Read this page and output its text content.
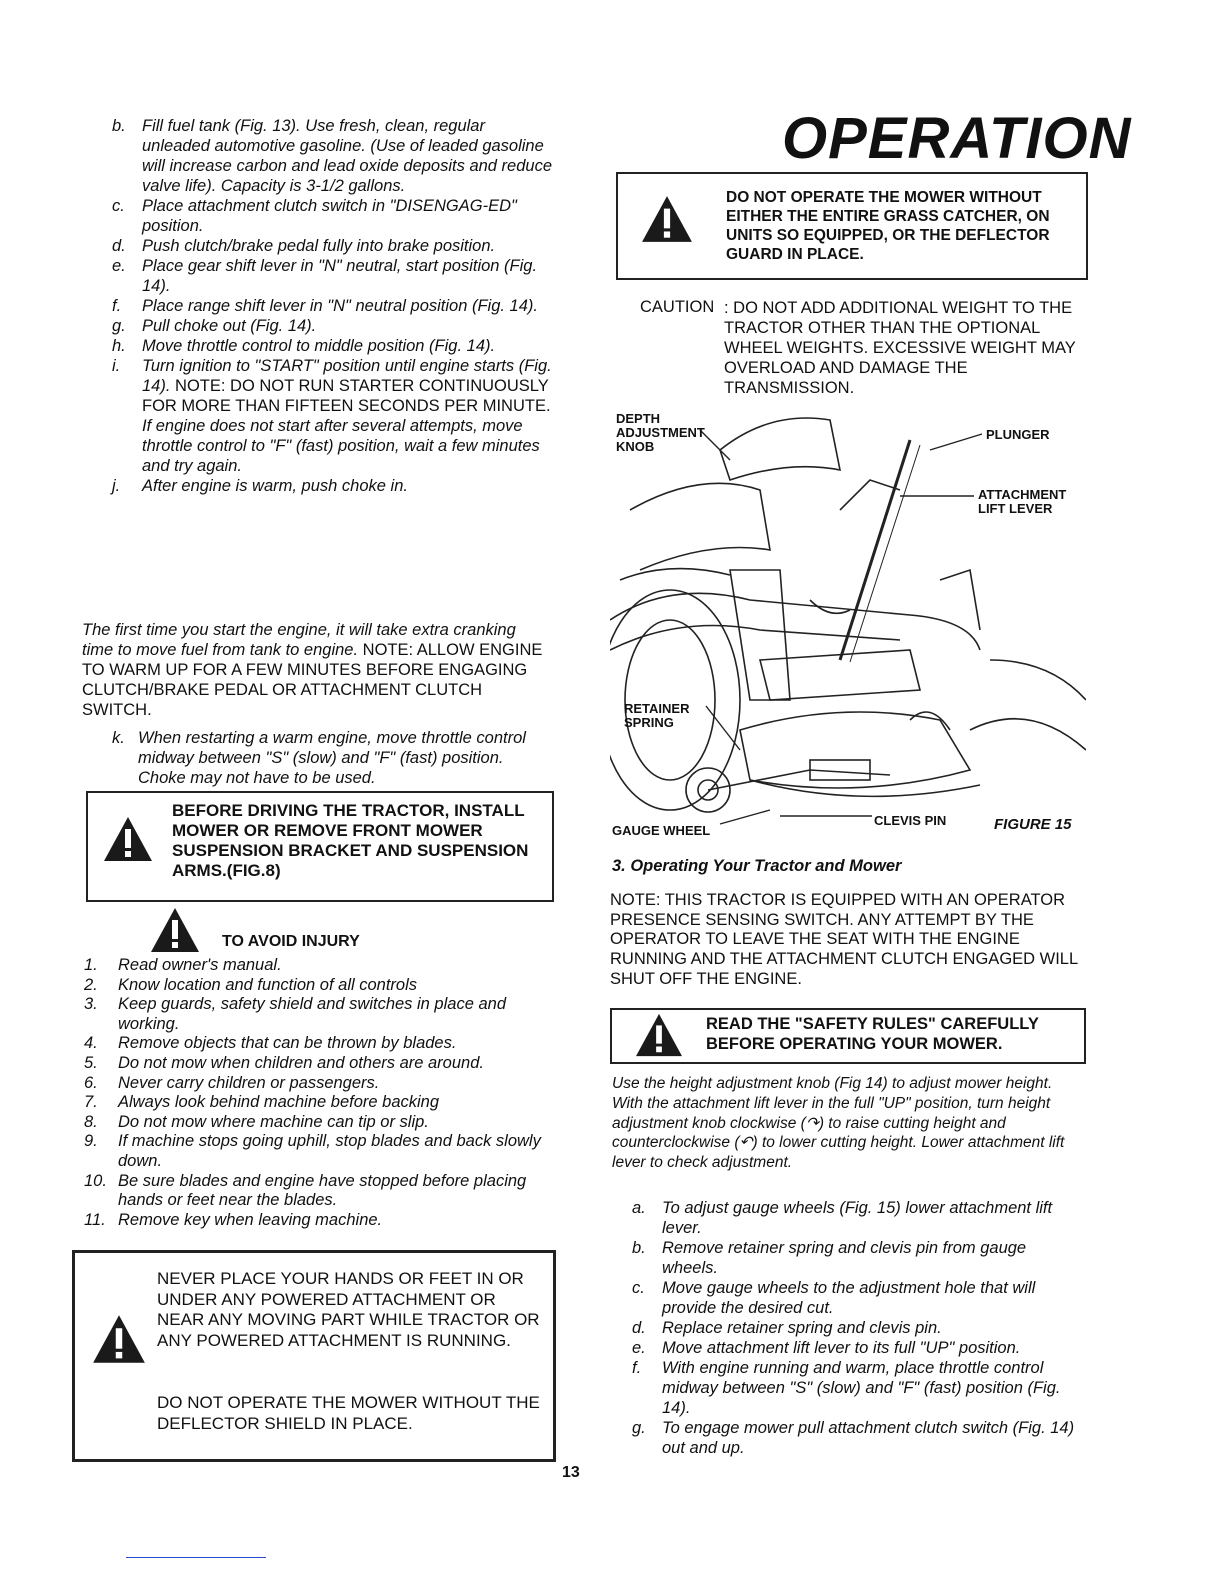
b. Fill fuel tank (Fig. 13). Use fresh, clean, regular unleaded automotive gasoline. (Use of leaded gasoline will increase carbon and lead oxide deposits and reduce valve life). Capacity is 3-1/2 gallons.
c. Place attachment clutch switch in "DISENGAG-ED" position.
d. Push clutch/brake pedal fully into brake position.
e. Place gear shift lever in "N" neutral, start position (Fig. 14).
f. Place range shift lever in "N" neutral position (Fig. 14).
g. Pull choke out (Fig. 14).
h. Move throttle control to middle position (Fig. 14).
i. Turn ignition to "START" position until engine starts (Fig. 14). NOTE: DO NOT RUN STARTER CONTINUOUSLY FOR MORE THAN FIFTEEN SECONDS PER MINUTE. If engine does not start after several attempts, move throttle control to "F" (fast) position, wait a few minutes and try again.
j. After engine is warm, push choke in.
The first time you start the engine, it will take extra cranking time to move fuel from tank to engine. NOTE: ALLOW ENGINE TO WARM UP FOR A FEW MINUTES BEFORE ENGAGING CLUTCH/BRAKE PEDAL OR ATTACHMENT CLUTCH SWITCH.
k. When restarting a warm engine, move throttle control midway between "S" (slow) and "F" (fast) position. Choke may not have to be used.
BEFORE DRIVING THE TRACTOR, INSTALL MOWER OR REMOVE FRONT MOWER SUSPENSION BRACKET AND SUSPENSION ARMS.(FIG.8)
TO AVOID INJURY
1. Read owner's manual.
2. Know location and function of all controls
3. Keep guards, safety shield and switches in place and working.
4. Remove objects that can be thrown by blades.
5. Do not mow when children and others are around.
6. Never carry children or passengers.
7. Always look behind machine before backing
8. Do not mow where machine can tip or slip.
9. If machine stops going uphill, stop blades and back slowly down.
10. Be sure blades and engine have stopped before placing hands or feet near the blades.
11. Remove key when leaving machine.
NEVER PLACE YOUR HANDS OR FEET IN OR UNDER ANY POWERED ATTACHMENT OR NEAR ANY MOVING PART WHILE TRACTOR OR ANY POWERED ATTACHMENT IS RUNNING.
DO NOT OPERATE THE MOWER WITHOUT THE DEFLECTOR SHIELD IN PLACE.
13
OPERATION
DO NOT OPERATE THE MOWER WITHOUT EITHER THE ENTIRE GRASS CATCHER, ON UNITS SO EQUIPPED, OR THE DEFLECTOR GUARD IN PLACE.
CAUTION : DO NOT ADD ADDITIONAL WEIGHT TO THE TRACTOR OTHER THAN THE OPTIONAL WHEEL WEIGHTS. EXCESSIVE WEIGHT MAY OVERLOAD AND DAMAGE THE TRANSMISSION.
DEPTH ADJUSTMENT KNOB
PLUNGER
ATTACHMENT LIFT LEVER
RETAINER SPRING
GAUGE WHEEL
CLEVIS PIN	FIGURE 15
3. Operating Your Tractor and Mower
NOTE: THIS TRACTOR IS EQUIPPED WITH AN OPERATOR PRESENCE SENSING SWITCH. ANY ATTEMPT BY THE OPERATOR TO LEAVE THE SEAT WITH THE ENGINE RUNNING AND THE ATTACHMENT CLUTCH ENGAGED WILL SHUT OFF THE ENGINE.
READ THE "SAFETY RULES" CAREFULLY BEFORE OPERATING YOUR MOWER.
Use the height adjustment knob (Fig 14) to adjust mower height. With the attachment lift lever in the full "UP" position, turn height adjustment knob clockwise (↷) to raise cutting height and counterclockwise (↶) to lower cutting height. Lower attachment lift lever to check adjustment.
a. To adjust gauge wheels (Fig. 15) lower attachment lift lever.
b. Remove retainer spring and clevis pin from gauge wheels.
c. Move gauge wheels to the adjustment hole that will provide the desired cut.
d. Replace retainer spring and clevis pin.
e. Move attachment lift lever to its full "UP" position.
f. With engine running and warm, place throttle control midway between "S" (slow) and "F" (fast) position (Fig. 14).
g. To engage mower pull attachment clutch switch (Fig. 14) out and up.
